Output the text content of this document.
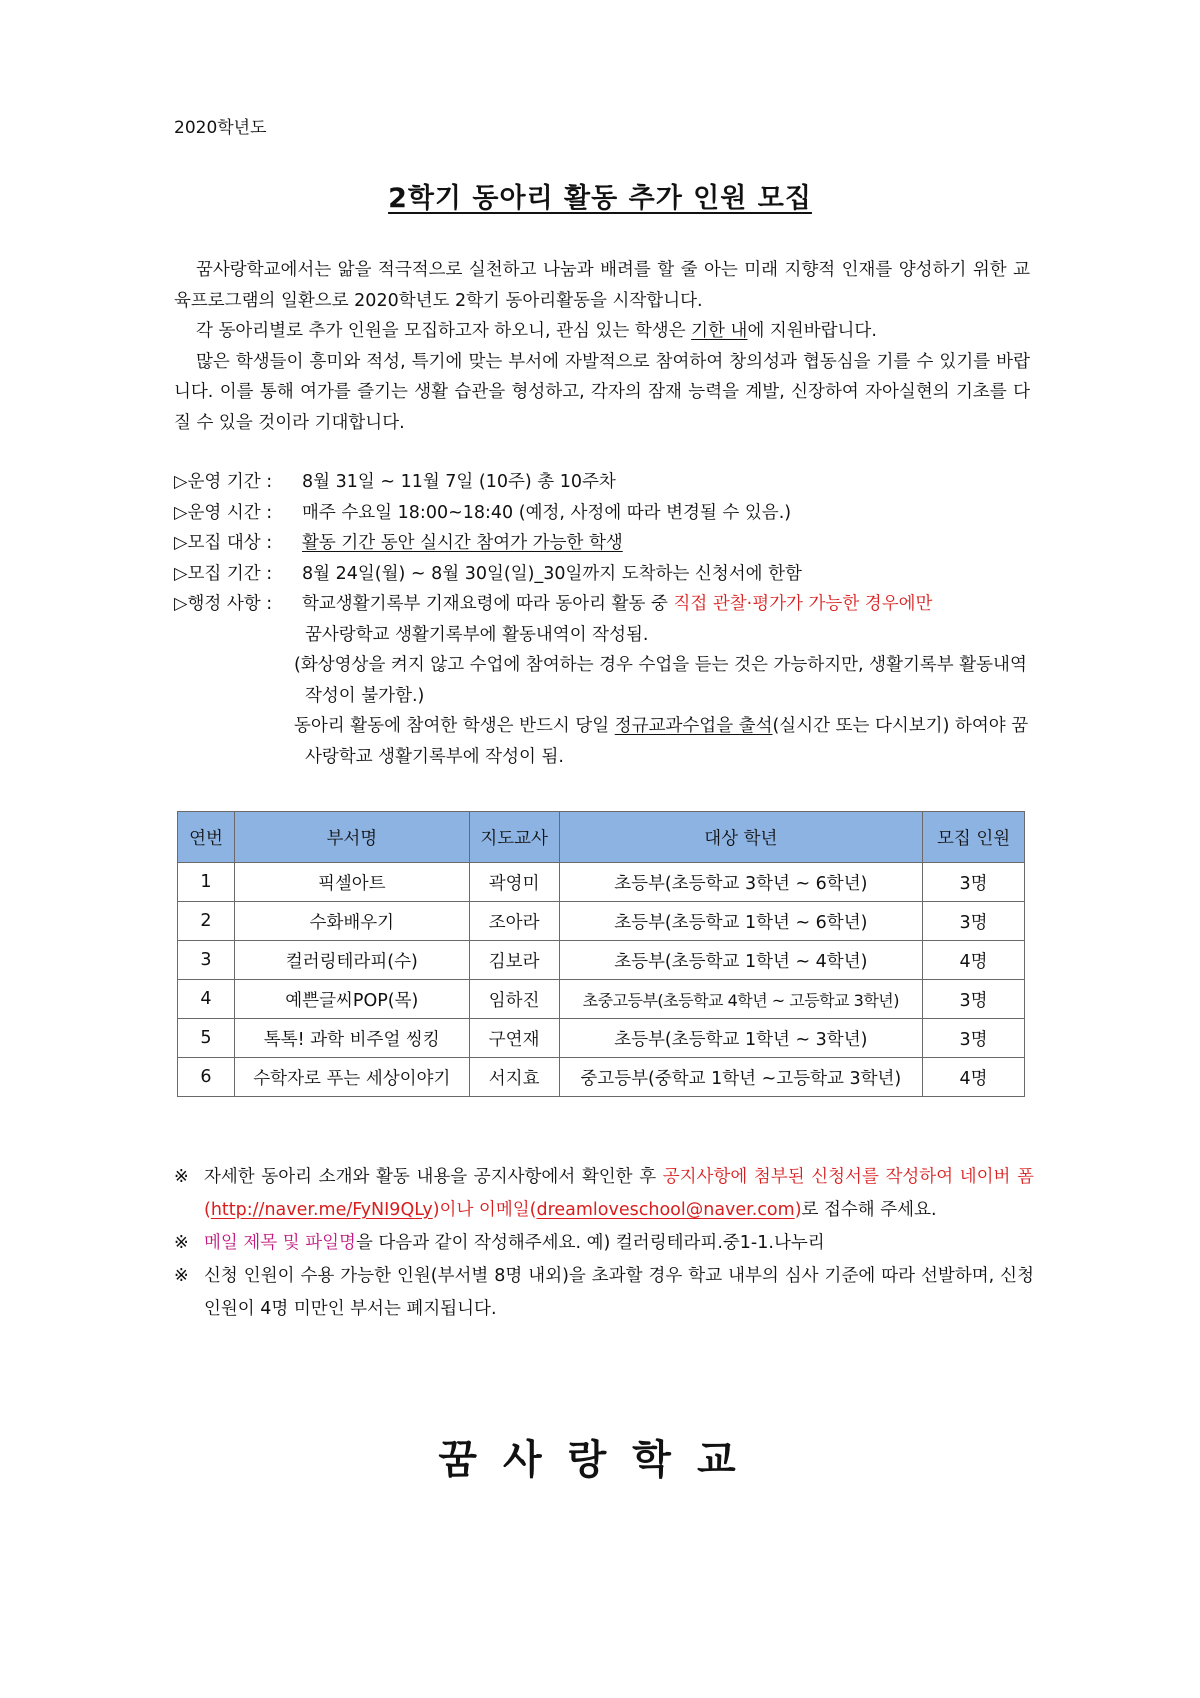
2020학년도
2학기 동아리 활동 추가 인원 모집

꿈사랑학교에서는 앎을 적극적으로 실천하고 나눔과 배려를 할 줄 아는 미래 지향적 인재를 양성하기 위한 교육프로그램의 일환으로 2020학년도 2학기 동아리활동을 시작합니다.

각 동아리별로 추가 인원을 모집하고자 하오니, 관심 있는 학생은 기한 내에 지원바랍니다.

많은 학생들이 흥미와 적성, 특기에 맞는 부서에 자발적으로 참여하여 창의성과 협동심을 기를 수 있기를 바랍니다. 이를 통해 여가를 즐기는 생활 습관을 형성하고, 각자의 잠재 능력을 계발, 신장하여 자아실현의 기초를 다질 수 있을 것이라 기대합니다.

▷운영 기간 :	8월 31일 ~ 11월 7일 (10주) 총 10주차
▷운영 시간 :	매주 수요일 18:00~18:40 (예정, 사정에 따라 변경될 수 있음.)
▷모집 대상 :	활동 기간 동안 실시간 참여가 가능한 학생
▷모집 기간 :	8월 24일(월) ~ 8월 30일(일)_30일까지 도착하는 신청서에 한함
▷행정 사항 :	학교생활기록부 기재요령에 따라 동아리 활동 중 직접 관찰·평가가 가능한 경우에만
꿈사랑학교 생활기록부에 활동내역이 작성됨.
(화상영상을 켜지 않고 수업에 참여하는 경우 수업을 듣는 것은 가능하지만, 생활기록부 활동내역 작성이 불가함.)
동아리 활동에 참여한 학생은 반드시 당일 정규교과수업을 출석(실시간 또는 다시보기) 하여야 꿈사랑학교 생활기록부에 작성이 됨.
연번	부서명	지도교사	대상 학년	모집 인원
1	픽셀아트	곽영미	초등부(초등학교 3학년 ~ 6학년)	3명
2	수화배우기	조아라	초등부(초등학교 1학년 ~ 6학년)	3명
3	컬러링테라피(수)	김보라	초등부(초등학교 1학년 ~ 4학년)	4명
4	예쁜글씨POP(목)	임하진	초중고등부(초등학교 4학년 ~ 고등학교 3학년)	3명
5	톡톡! 과학 비주얼 씽킹	구연재	초등부(초등학교 1학년 ~ 3학년)	3명
6	수학자로 푸는 세상이야기	서지효	중고등부(중학교 1학년 ~고등학교 3학년)	4명
※ 자세한 동아리 소개와 활동 내용을 공지사항에서 확인한 후 공지사항에 첨부된 신청서를 작성하여 네이버 폼(http://naver.me/FyNI9QLy)이나 이메일(dreamloveschool@naver.com)로 접수해 주세요.
※ 메일 제목 및 파일명을 다음과 같이 작성해주세요. 예) 컬러링테라피.중1-1.나누리
※ 신청 인원이 수용 가능한 인원(부서별 8명 내외)을 초과할 경우 학교 내부의 심사 기준에 따라 선발하며, 신청 인원이 4명 미만인 부서는 폐지됩니다.
꿈사랑학교
